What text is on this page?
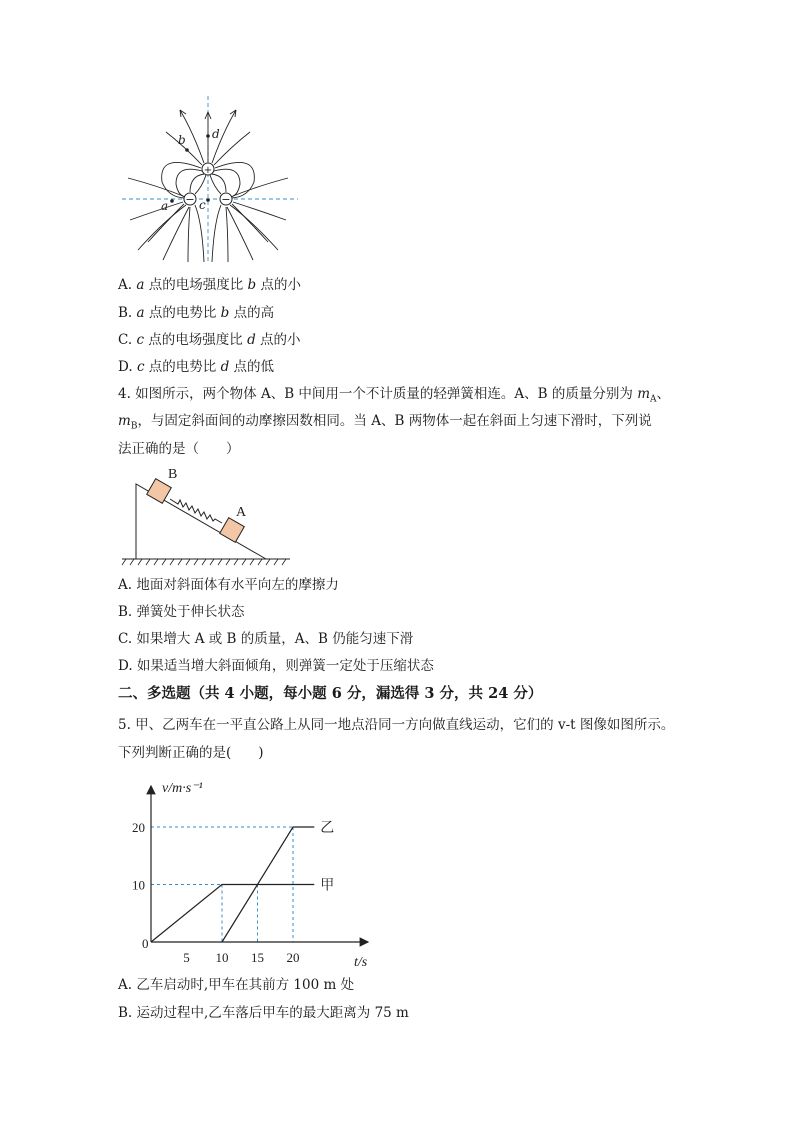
+
− −
d
b
a	c
A. a 点的电场强度比 b 点的小
B. a 点的电势比 b 点的高
C. c 点的电场强度比 d 点的小
D. c 点的电势比 d 点的低
4. 如图所示，两个物体 A、B 中间用一个不计质量的轻弹簧相连。A、B 的质量分别为 $m_A$、
$m_B$，与固定斜面间的动摩擦因数相同。当 A、B 两物体一起在斜面上匀速下滑时，下列说
法正确的是（　　）
B
A
A. 地面对斜面体有水平向左的摩擦力
B. 弹簧处于伸长状态
C. 如果增大 A 或 B 的质量，A、B 仍能匀速下滑
D. 如果适当增大斜面倾角，则弹簧一定处于压缩状态
二、多选题（共 4 小题，每小题 6 分，漏选得 3 分，共 24 分）
5. 甲、乙两车在一平直公路上从同一地点沿同一方向做直线运动，它们的 v-t 图像如图所示。
下列判断正确的是(　　)
5 10 15 20
10
20
v/m·s⁻¹
t/s
0
甲
乙
A. 乙车启动时,甲车在其前方 100 m 处
B. 运动过程中,乙车落后甲车的最大距离为 75 m
